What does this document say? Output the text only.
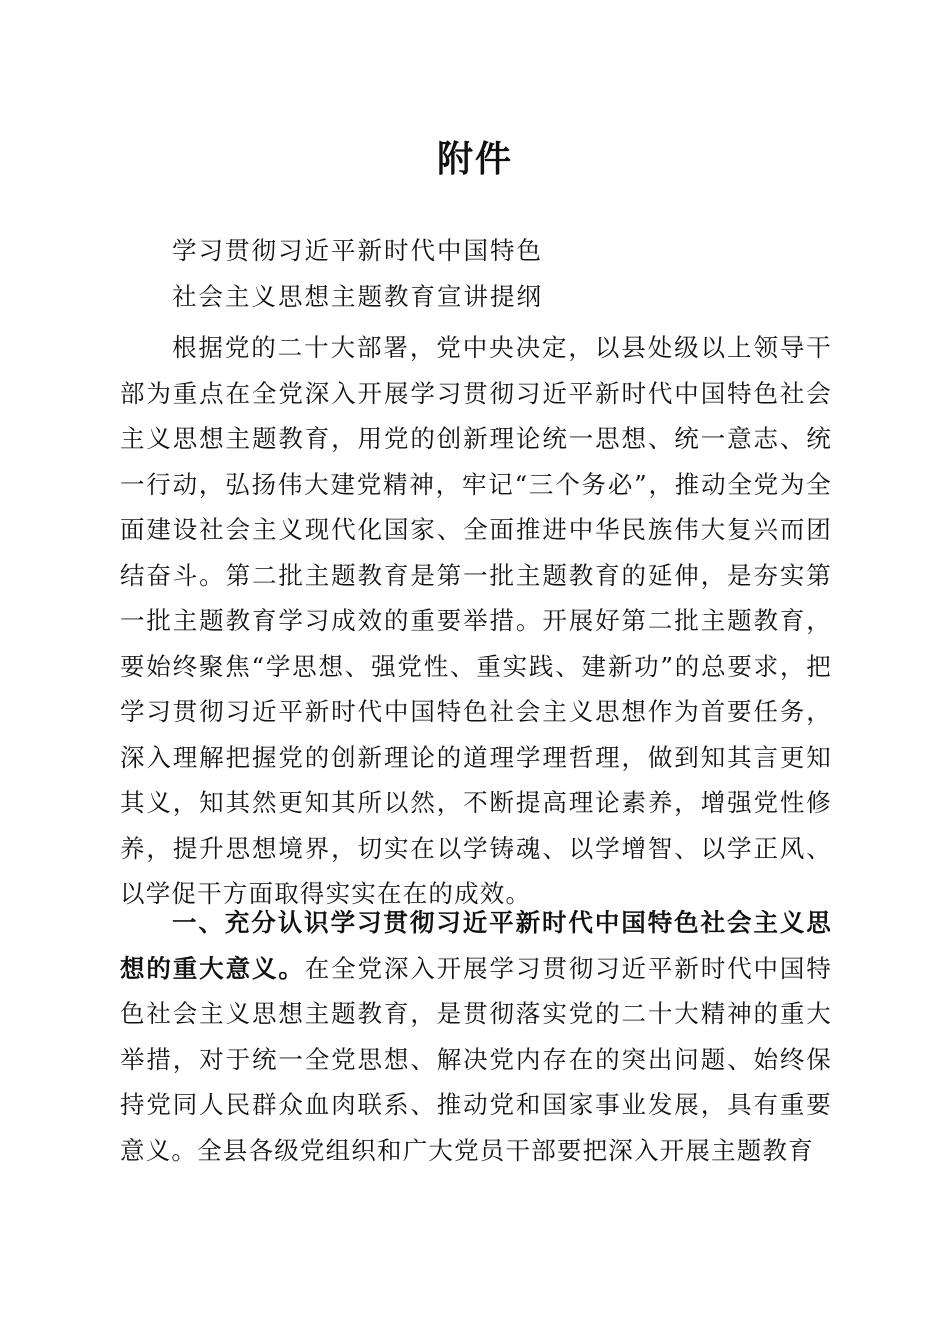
附件
学习贯彻习近平新时代中国特色
社会主义思想主题教育宣讲提纲

根据党的二十大部署，党中央决定，以县处级以上领导干部为重点在全党深入开展学习贯彻习近平新时代中国特色社会主义思想主题教育，用党的创新理论统一思想、统一意志、统一行动，弘扬伟大建党精神，牢记“三个务必”，推动全党为全面建设社会主义现代化国家、全面推进中华民族伟大复兴而团结奋斗。第二批主题教育是第一批主题教育的延伸，是夯实第一批主题教育学习成效的重要举措。开展好第二批主题教育，要始终聚焦“学思想、强党性、重实践、建新功”的总要求，把学习贯彻习近平新时代中国特色社会主义思想作为首要任务，深入理解把握党的创新理论的道理学理哲理，做到知其言更知其义，知其然更知其所以然，不断提高理论素养，增强党性修养，提升思想境界，切实在以学铸魂、以学增智、以学正风、以学促干方面取得实实在在的成效。

一、充分认识学习贯彻习近平新时代中国特色社会主义思想的重大意义。在全党深入开展学习贯彻习近平新时代中国特色社会主义思想主题教育，是贯彻落实党的二十大精神的重大举措，对于统一全党思想、解决党内存在的突出问题、始终保持党同人民群众血肉联系、推动党和国家事业发展，具有重要意义。全县各级党组织和广大党员干部要把深入开展主题教育
